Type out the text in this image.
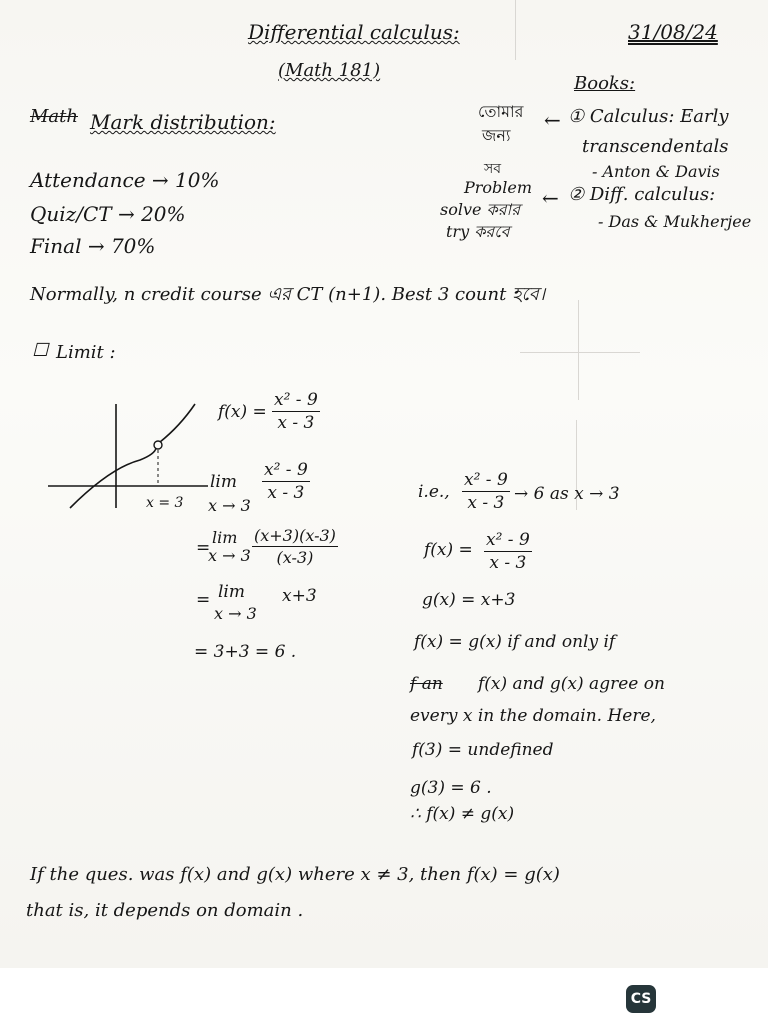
Differential calculus:	31/08/24
(Math 181)
Math Mark distribution:
Attendance → 10%
Quiz/CT → 20%
Final → 70%
Books:
তোমার
জন্য
← ① Calculus: Early
transcendentals
- Anton & Davis
সব
Problem
solve করার
try করবে
← ② Diff. calculus:
- Das & Mukherjee
Normally, n credit course এর CT (n+1). Best 3 count হবে।
☐ Limit :
x = 3
$f(x) = \frac{\text{x² - 9}}{x - 3}$
lim
x → 3
$\frac{\text{x² - 9}}{x - 3}$
=
lim
$x \to 3 \frac{(x+3)(x-3)}{(x-3)}$
= lim
x → 3
x+3
= 3+3 = 6 .
i.e., $\frac{\text{x² - 9}}{x - 3} \to 6$ as x → 3
$f(x) = \frac{\text{x² - 9}}{x - 3}$
g(x) = x+3
f(x) = g(x) if and only if
f an f(x) and g(x) agree on
every x in the domain. Here,
f(3) = undefined
g(3) = 6 .
∴ f(x) ≠ g(x)
If the ques. was f(x) and g(x) where x ≠ 3, then f(x) = g(x)
that is, it depends on domain .
CS
